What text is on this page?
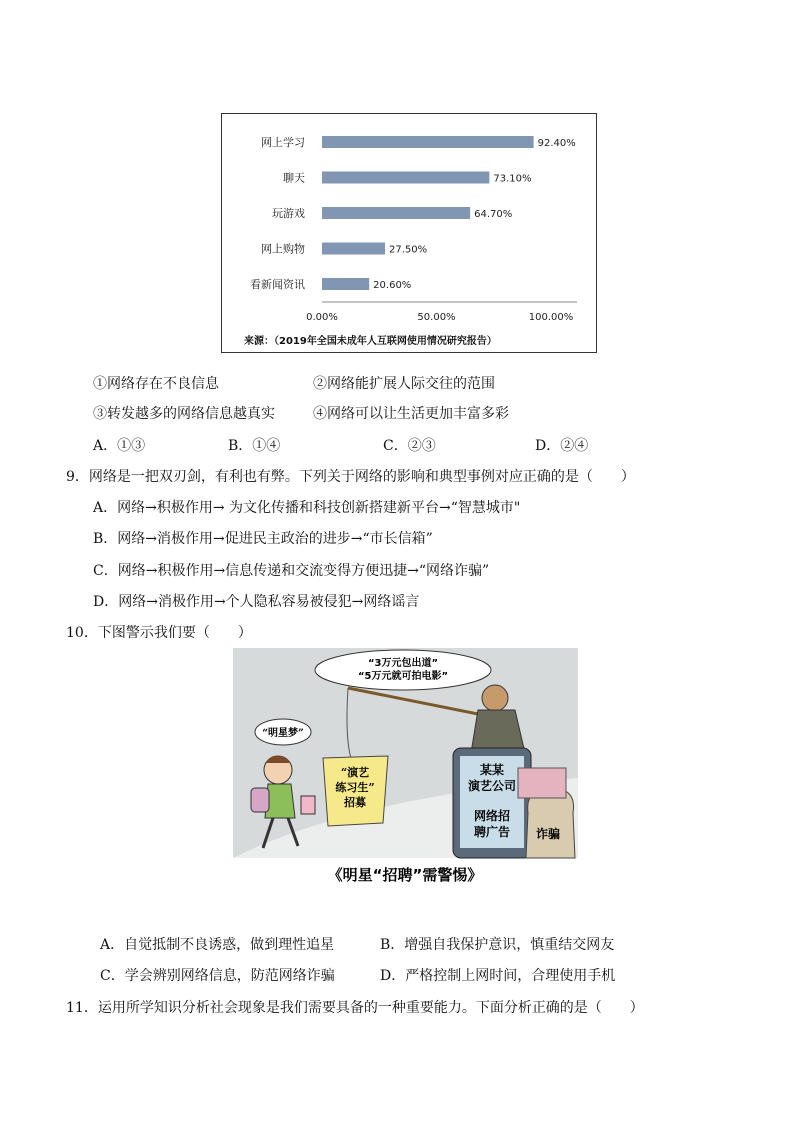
网上学习	92.40%
聊天	73.10%
玩游戏	64.70%
网上购物	27.50%
看新闻资讯	20.60%
0.00%	50.00%	100.00%
来源：（2019年全国未成年人互联网使用情况研究报告）
①网络存在不良信息	②网络能扩展人际交往的范围
③转发越多的网络信息越真实	④网络可以让生活更加丰富多彩
A．①③	B．①④	C．②③	D．②④
9．网络是一把双刃剑，有利也有弊。下列关于网络的影响和典型事例对应正确的是（　　）
A．网络→积极作用→ 为文化传播和科技创新搭建新平台→“智慧城市"
B．网络→消极作用→促进民主政治的进步→“市长信箱”
C．网络→积极作用→信息传递和交流变得方便迅捷→“网络诈骗”
D．网络→消极作用→个人隐私容易被侵犯→网络谣言
10．下图警示我们要（　　）
“3万元包出道”
“5万元就可拍电影”
某某
演艺公司
网络招
聘广告 诈骗
“演艺
练习生”
招募
“明星梦”
《明星“招聘”需警惕》
A．自觉抵制不良诱惑，做到理性追星	B．增强自我保护意识，慎重结交网友
C．学会辨别网络信息，防范网络诈骗	D．严格控制上网时间，合理使用手机
11．运用所学知识分析社会现象是我们需要具备的一种重要能力。下面分析正确的是（　　）
